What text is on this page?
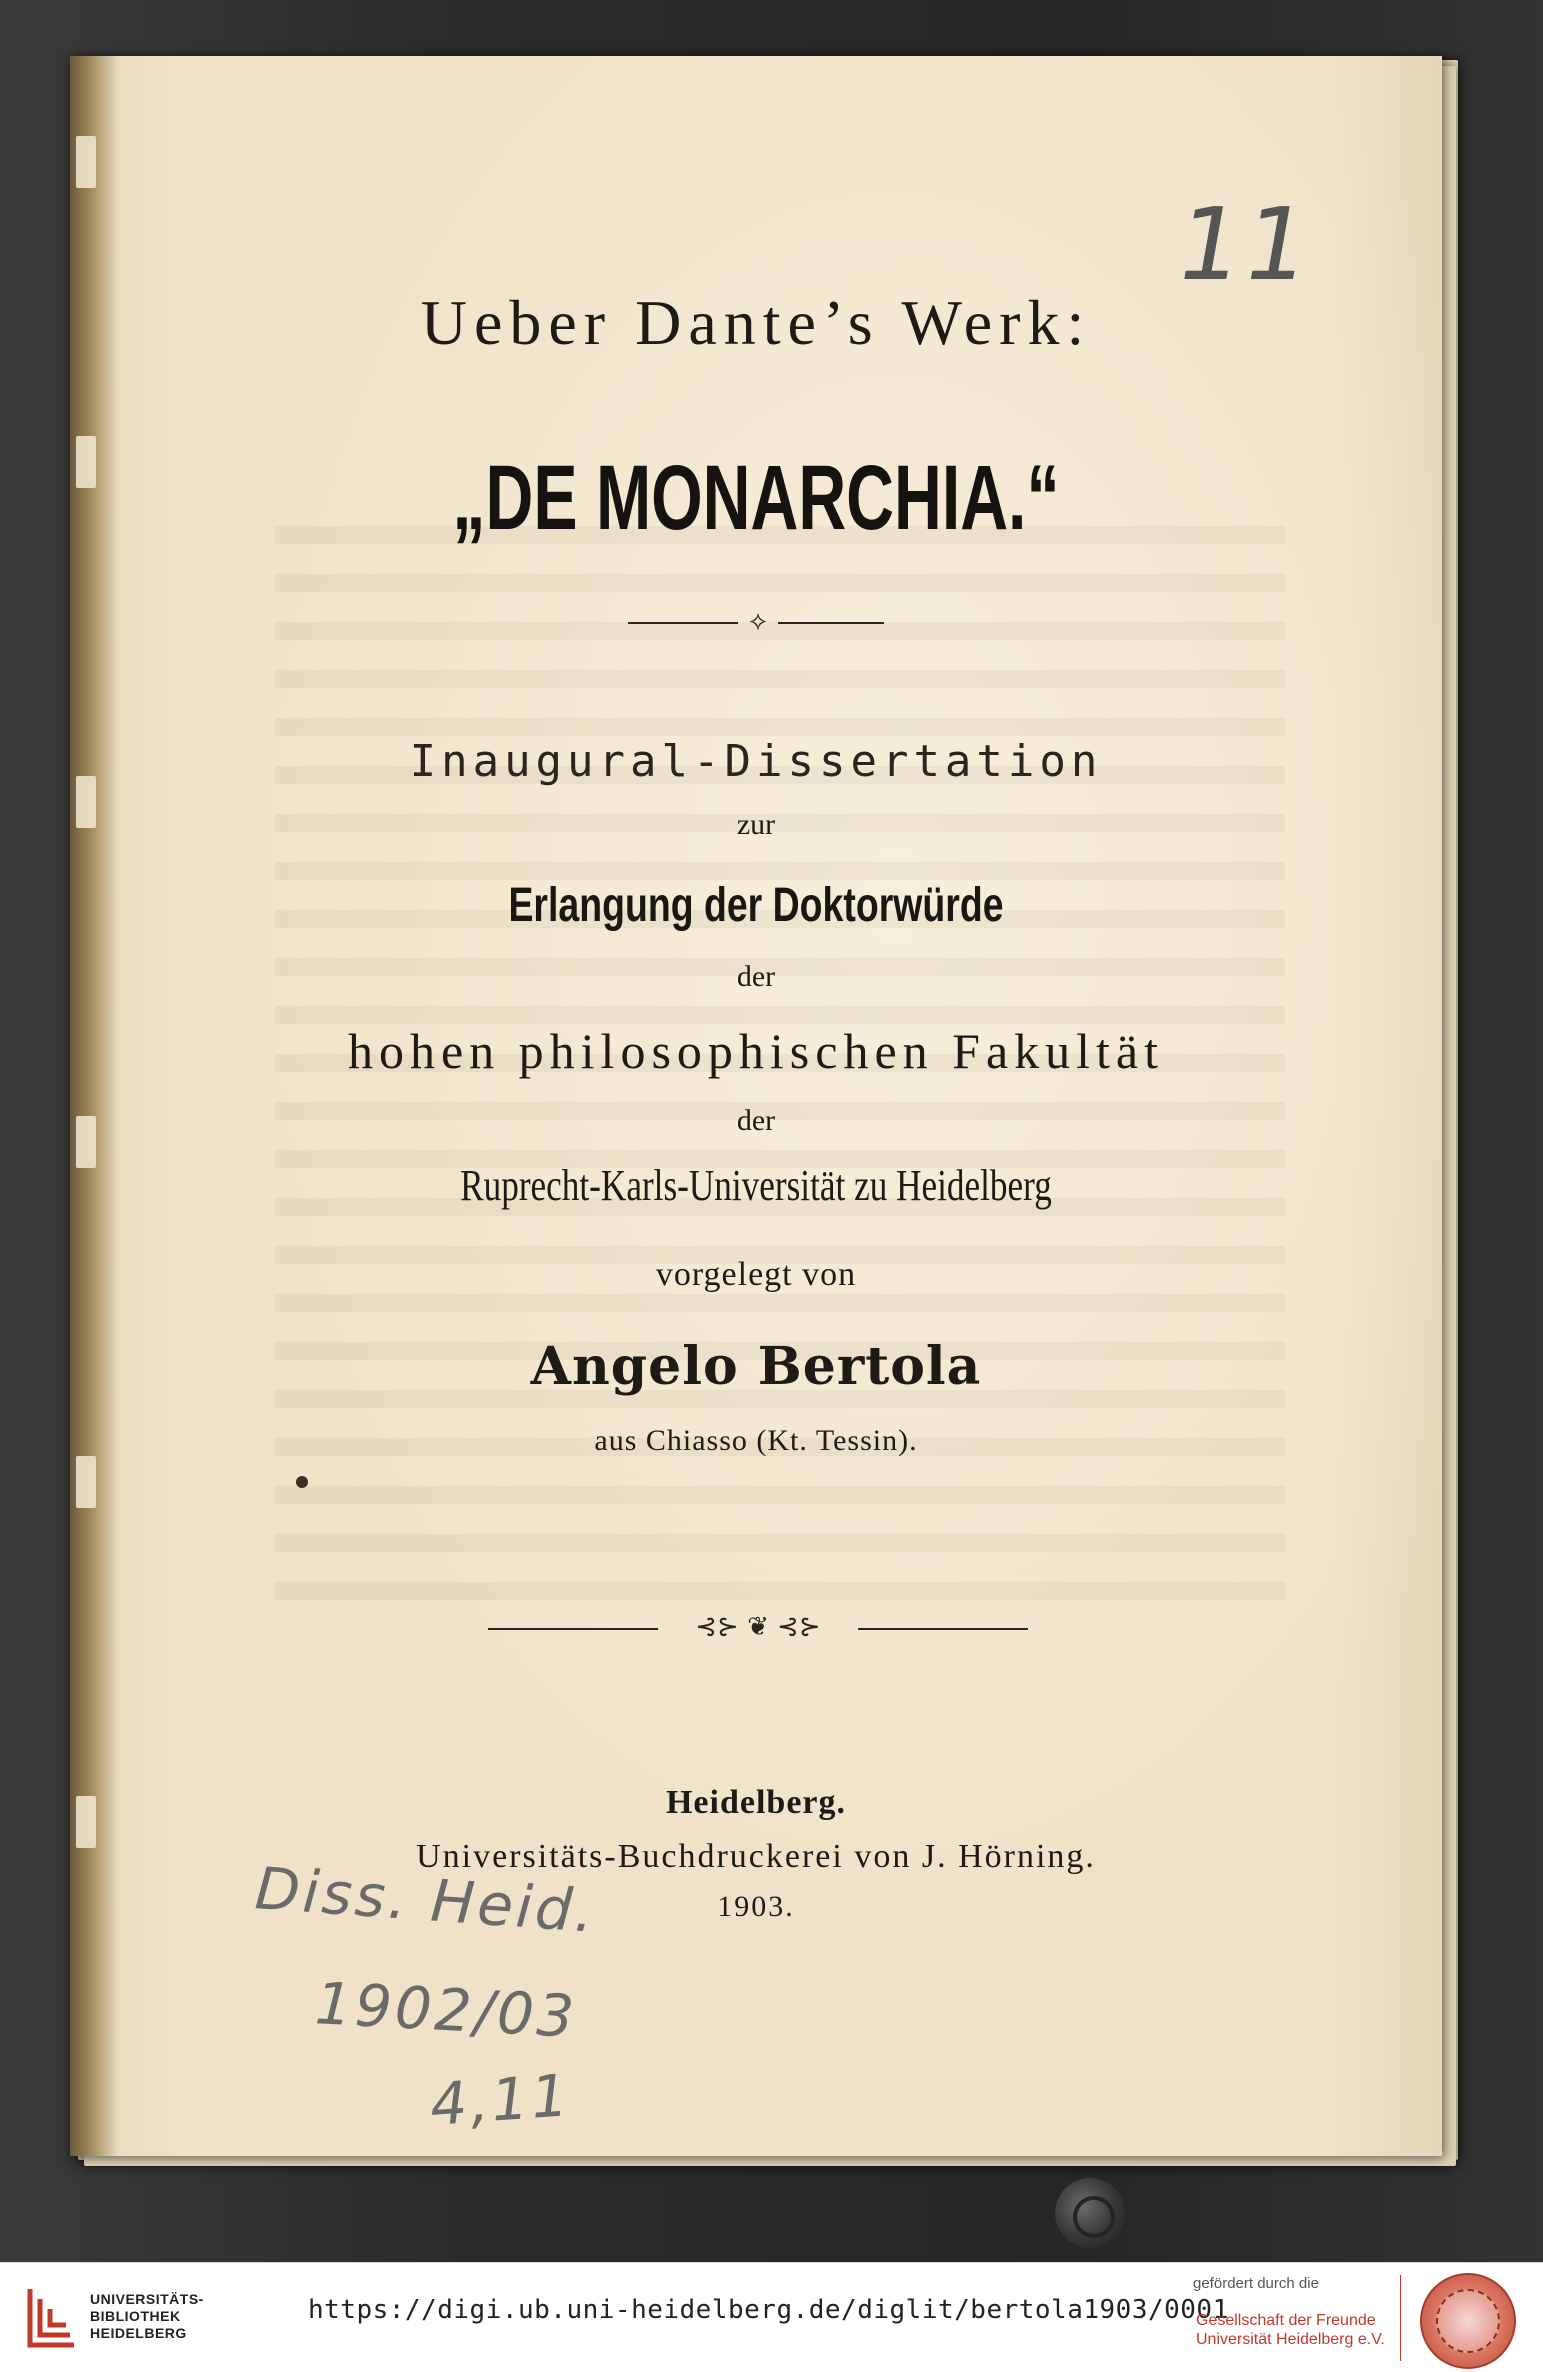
Ueber Dante’s Werk:
„DE MONARCHIA.“
⟡
Inaugural-Dissertation
zur
Erlangung der Doktorwürde
der
hohen philosophischen Fakultät
der
Ruprecht-Karls-Universität zu Heidelberg
vorgelegt von
Angelo Bertola
aus Chiasso (Kt. Tessin).
⊰⊱ ❦ ⊰⊱
Heidelberg.
Universitäts-Buchdruckerei von J. Hörning.
1903.
11
Diss. Heid.
1902/03
4,11
UNIVERSITÄTS-
BIBLIOTHEK
HEIDELBERG
https://digi.ub.uni-heidelberg.de/diglit/bertola1903/0001
gefördert durch die
Gesellschaft der Freunde
Universität Heidelberg e.V.
